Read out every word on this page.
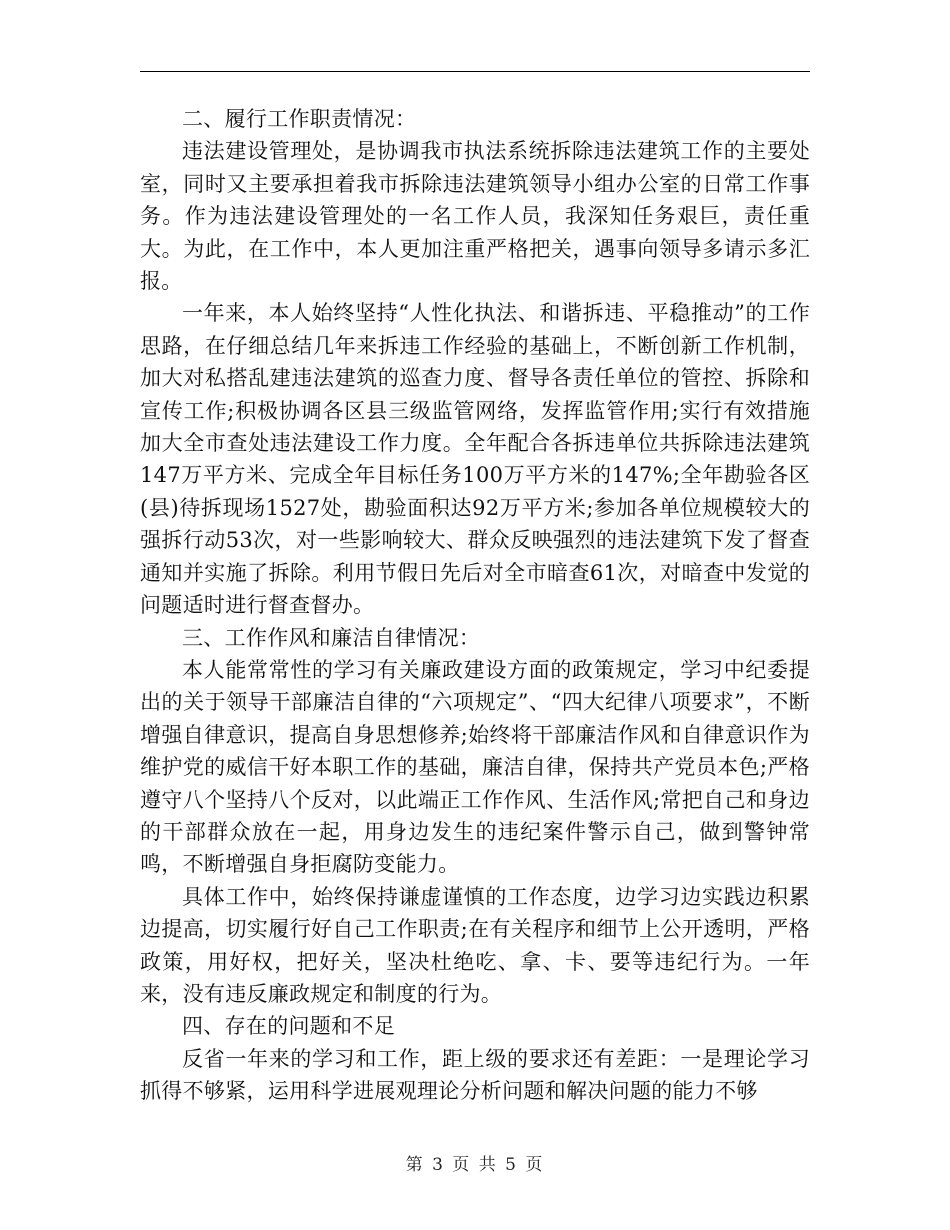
二、履行工作职责情况：

违法建设管理处，是协调我市执法系统拆除违法建筑工作的主要处室，同时又主要承担着我市拆除违法建筑领导小组办公室的日常工作事务。作为违法建设管理处的一名工作人员，我深知任务艰巨，责任重大。为此，在工作中，本人更加注重严格把关，遇事向领导多请示多汇报。

一年来，本人始终坚持“人性化执法、和谐拆违、平稳推动”的工作思路，在仔细总结几年来拆违工作经验的基础上，不断创新工作机制，加大对私搭乱建违法建筑的巡查力度、督导各责任单位的管控、拆除和宣传工作;积极协调各区县三级监管网络，发挥监管作用;实行有效措施加大全市查处违法建设工作力度。全年配合各拆违单位共拆除违法建筑147万平方米、完成全年目标任务100万平方米的147%;全年勘验各区(县)待拆现场1527处，勘验面积达92万平方米;参加各单位规模较大的强拆行动53次，对一些影响较大、群众反映强烈的违法建筑下发了督查通知并实施了拆除。利用节假日先后对全市暗查61次，对暗查中发觉的问题适时进行督查督办。

三、工作作风和廉洁自律情况：

本人能常常性的学习有关廉政建设方面的政策规定，学习中纪委提出的关于领导干部廉洁自律的“六项规定”、“四大纪律八项要求”，不断增强自律意识，提高自身思想修养;始终将干部廉洁作风和自律意识作为维护党的威信干好本职工作的基础，廉洁自律，保持共产党员本色;严格遵守八个坚持八个反对，以此端正工作作风、生活作风;常把自己和身边的干部群众放在一起，用身边发生的违纪案件警示自己，做到警钟常鸣，不断增强自身拒腐防变能力。

具体工作中，始终保持谦虚谨慎的工作态度，边学习边实践边积累边提高，切实履行好自己工作职责;在有关程序和细节上公开透明，严格政策，用好权，把好关，坚决杜绝吃、拿、卡、要等违纪行为。一年来，没有违反廉政规定和制度的行为。

四、存在的问题和不足

反省一年来的学习和工作，距上级的要求还有差距：一是理论学习抓得不够紧，运用科学进展观理论分析问题和解决问题的能力不够

第 3 页 共 5 页
